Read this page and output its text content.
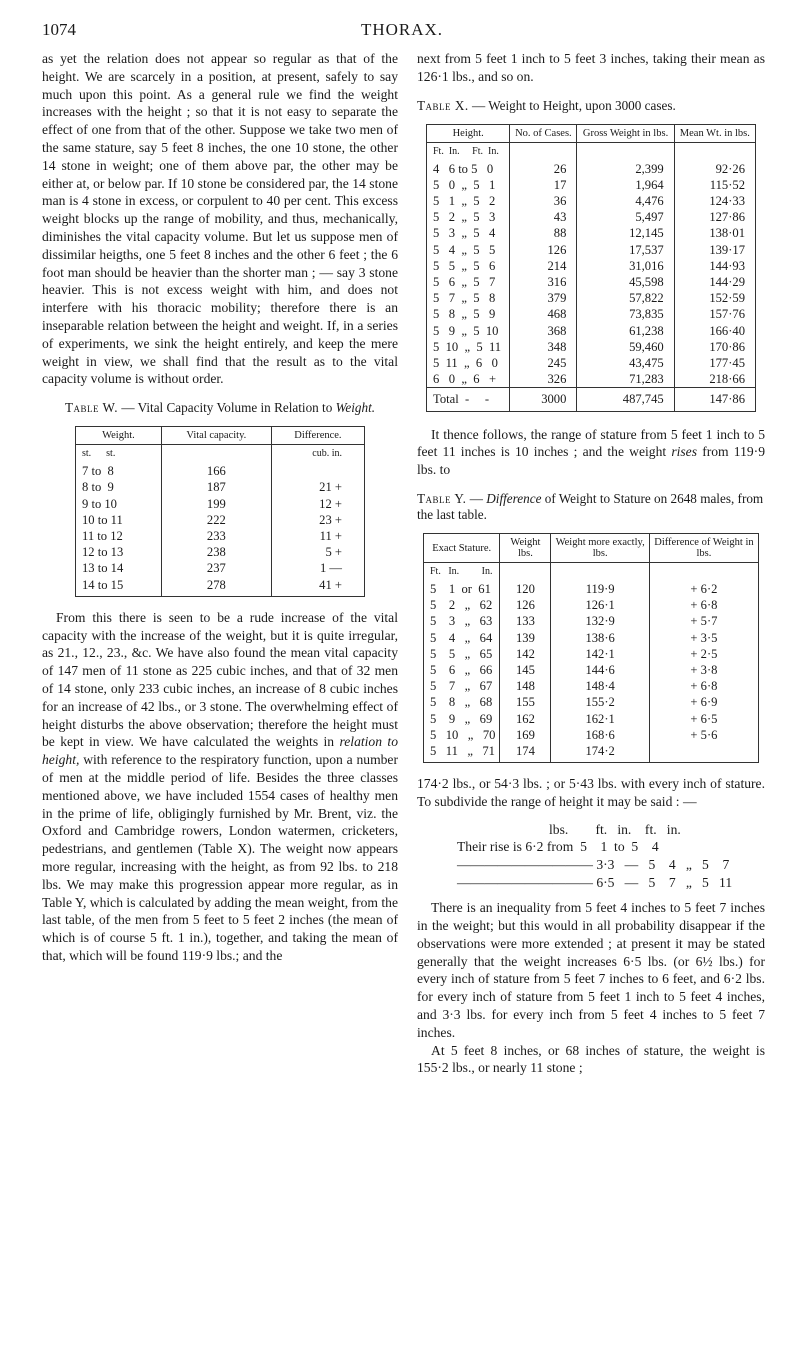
1074	THORAX.

as yet the relation does not appear so regular as that of the height. We are scarcely in a position, at present, safely to say much upon this point. As a general rule we find the weight increases with the height ; so that it is not easy to separate the effect of one from that of the other. Suppose we take two men of the same stature, say 5 feet 8 inches, the one 10 stone, the other 14 stone in weight; one of them above par, the other may be either at, or below par. If 10 stone be considered par, the 14 stone man is 4 stone in excess, or corpulent to 40 per cent. This excess weight blocks up the range of mobility, and thus, mechanically, diminishes the vital capacity volume. But let us suppose men of dissimilar heigths, one 5 feet 8 inches and the other 6 feet ; the 6 foot man should be heavier than the shorter man ; — say 3 stone heavier. This is not excess weight with him, and does not interfere with his thoracic mobility; therefore there is an inseparable relation between the height and weight. If, in a series of experiments, we sink the height entirely, and keep the mere weight in view, we shall find that the result as to the vital capacity volume is without order.

Table W. — Vital Capacity Volume in Relation to Weight.
Weight.	Vital capacity.	Difference.
st.      st.		cub. in.
7 to  8	166	
8 to  9	187	21 +
9 to 10	199	12 +
10 to 11	222	23 +
11 to 12	233	11 +
12 to 13	238	5 +
13 to 14	237	1 —
14 to 15	278	41 +

From this there is seen to be a rude increase of the vital capacity with the increase of the weight, but it is quite irregular, as 21., 12., 23., &c. We have also found the mean vital capacity of 147 men of 11 stone as 225 cubic inches, and that of 32 men of 14 stone, only 233 cubic inches, an increase of 8 cubic inches for an increase of 42 lbs., or 3 stone. The overwhelming effect of height disturbs the above observation; therefore the height must be kept in view. We have calculated the weights in relation to height, with reference to the respiratory function, upon a number of men at the middle period of life. Besides the three classes mentioned above, we have included 1554 cases of healthy men in the prime of life, obligingly furnished by Mr. Brent, viz. the Oxford and Cambridge rowers, London watermen, cricketers, pedestrians, and gentlemen (Table X). The weight now appears more regular, increasing with the height, as from 92 lbs. to 218 lbs. We may make this progression appear more regular, as in Table Y, which is calculated by adding the mean weight, from the last table, of the men from 5 feet to 5 feet 2 inches (the mean of which is of course 5 ft. 1 in.), together, and taking the mean of that, which will be found 119·9 lbs.; and the

next from 5 feet 1 inch to 5 feet 3 inches, taking their mean as 126·1 lbs., and so on.

Table X. — Weight to Height, upon 3000 cases.
Height.	No. of Cases.	Gross Weight in lbs.	Mean Wt. in lbs.
Ft.  In.     Ft.  In.			
4   6 to 5   0	26	2,399	92·26
5   0  „  5   1	17	1,964	115·52
5   1  „  5   2	36	4,476	124·33
5   2  „  5   3	43	5,497	127·86
5   3  „  5   4	88	12,145	138·01
5   4  „  5   5	126	17,537	139·17
5   5  „  5   6	214	31,016	144·93
5   6  „  5   7	316	45,598	144·29
5   7  „  5   8	379	57,822	152·59
5   8  „  5   9	468	73,835	157·76
5   9  „  5  10	368	61,238	166·40
5  10  „  5  11	348	59,460	170·86
5  11  „  6   0	245	43,475	177·45
6   0  „  6   +	326	71,283	218·66
Total  -     -	3000	487,745	147·86

It thence follows, the range of stature from 5 feet 1 inch to 5 feet 11 inches is 10 inches ; and the weight rises from 119·9 lbs. to

Table Y. — Difference of Weight to Stature on 2648 males, from the last table.
Exact Stature.	Weight lbs.	Weight more exactly, lbs.	Difference of Weight in lbs.
Ft.   In.         In.			
5    1  or  61	120	119·9	+ 6·2
5    2   „   62	126	126·1	+ 6·8
5    3   „   63	133	132·9	+ 5·7
5    4   „   64	139	138·6	+ 3·5
5    5   „   65	142	142·1	+ 2·5
5    6   „   66	145	144·6	+ 3·8
5    7   „   67	148	148·4	+ 6·8
5    8   „   68	155	155·2	+ 6·9
5    9   „   69	162	162·1	+ 6·5
5   10   „   70	169	168·6	+ 5·6
5   11   „   71	174	174·2	

174·2 lbs., or 54·3 lbs. ; or 5·43 lbs. with every inch of stature. To subdivide the range of height it may be said : —

lbs.        ft.   in.    ft.   in.
Their rise is 6·2 from  5    1  to  5    4
—————————— 3·3   —   5    4   „   5    7
—————————— 6·5   —   5    7   „   5   11

There is an inequality from 5 feet 4 inches to 5 feet 7 inches in the weight; but this would in all probability disappear if the observations were more extended ; at present it may be stated generally that the weight increases 6·5 lbs. (or 6½ lbs.) for every inch of stature from 5 feet 7 inches to 6 feet, and 6·2 lbs. for every inch of stature from 5 feet 1 inch to 5 feet 4 inches, and 3·3 lbs. for every inch from 5 feet 4 inches to 5 feet 7 inches.

At 5 feet 8 inches, or 68 inches of stature, the weight is 155·2 lbs., or nearly 11 stone ;
